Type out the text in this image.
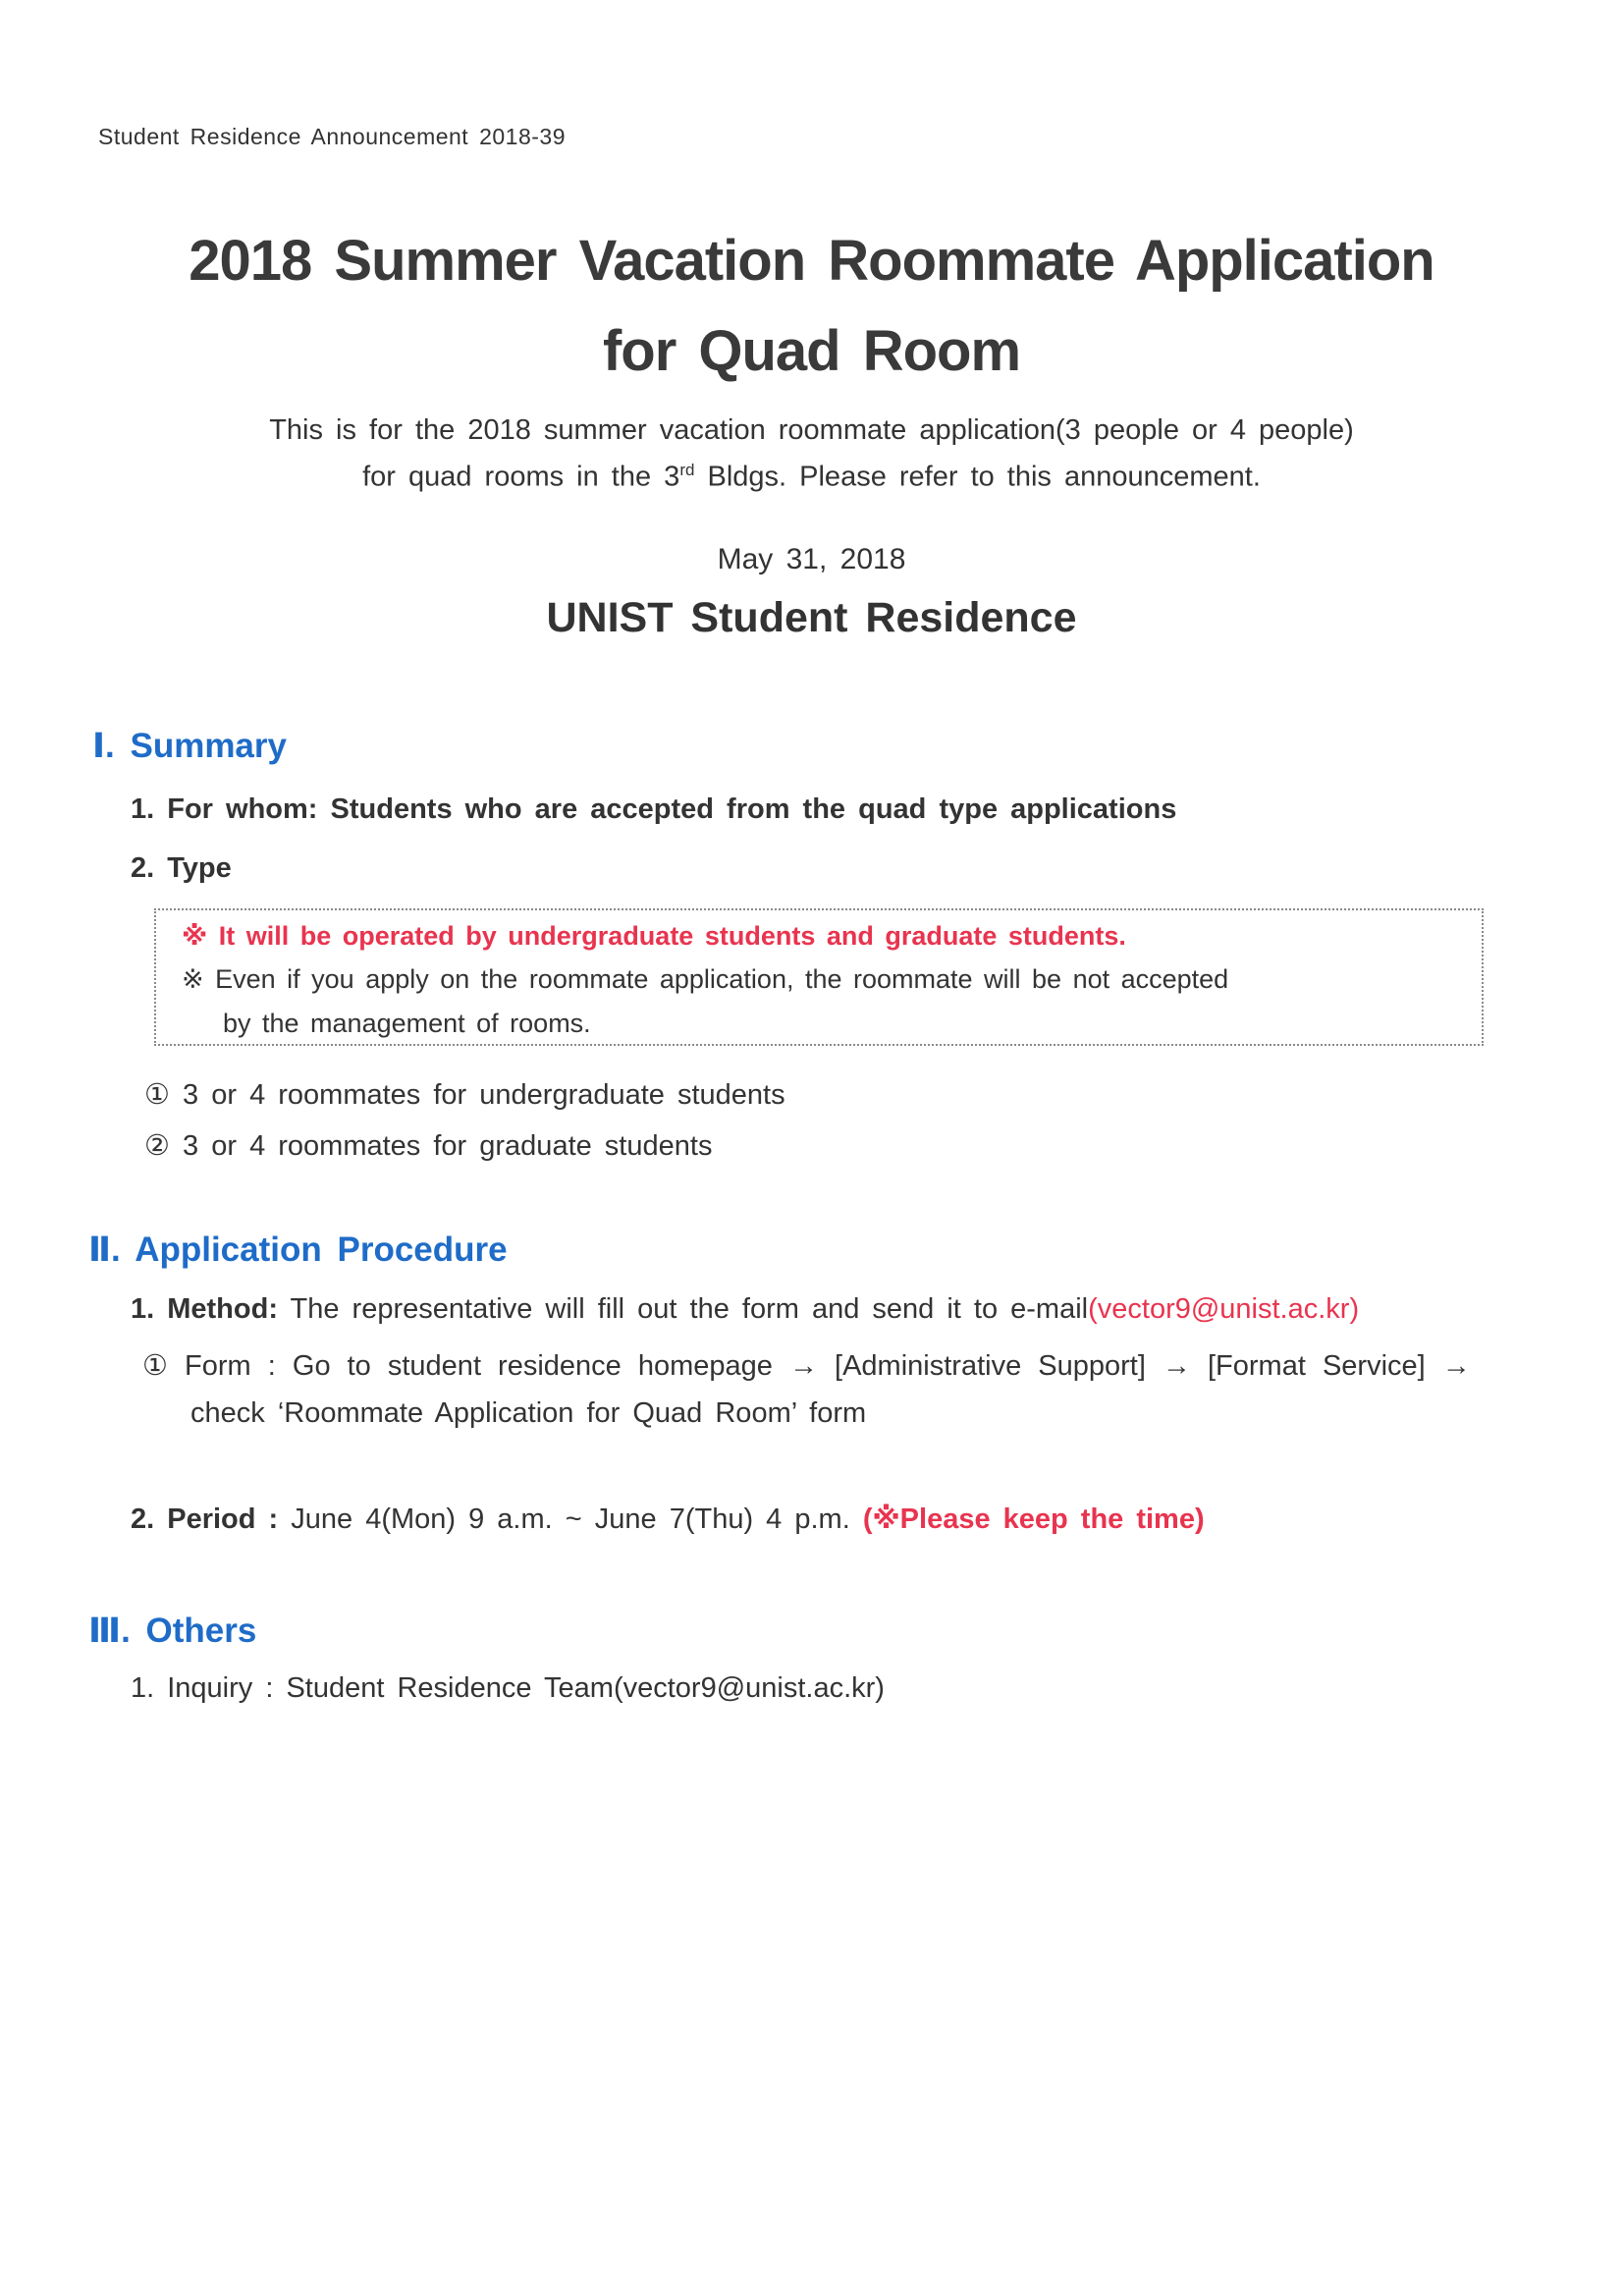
Student Residence Announcement 2018-39
2018 Summer Vacation Roommate Application
for Quad Room
This is for the 2018 summer vacation roommate application(3 people or 4 people)
for quad rooms in the 3rd Bldgs. Please refer to this announcement.
May 31, 2018
UNIST Student Residence
Ⅰ. Summary
1. For whom: Students who are accepted from the quad type applications
2. Type
※ It will be operated by undergraduate students and graduate students.
※ Even if you apply on the roommate application, the roommate will be not accepted
by the management of rooms.
① 3 or 4 roommates for undergraduate students
② 3 or 4 roommates for graduate students
Ⅱ. Application Procedure
1. Method: The representative will fill out the form and send it to e-mail(vector9@unist.ac.kr)
① Form : Go to student residence homepage → [Administrative Support] → [Format Service] →
check ‘Roommate Application for Quad Room’ form
2. Period : June 4(Mon) 9 a.m. ~ June 7(Thu) 4 p.m. (※Please keep the time)
Ⅲ. Others
1. Inquiry : Student Residence Team(vector9@unist.ac.kr)
